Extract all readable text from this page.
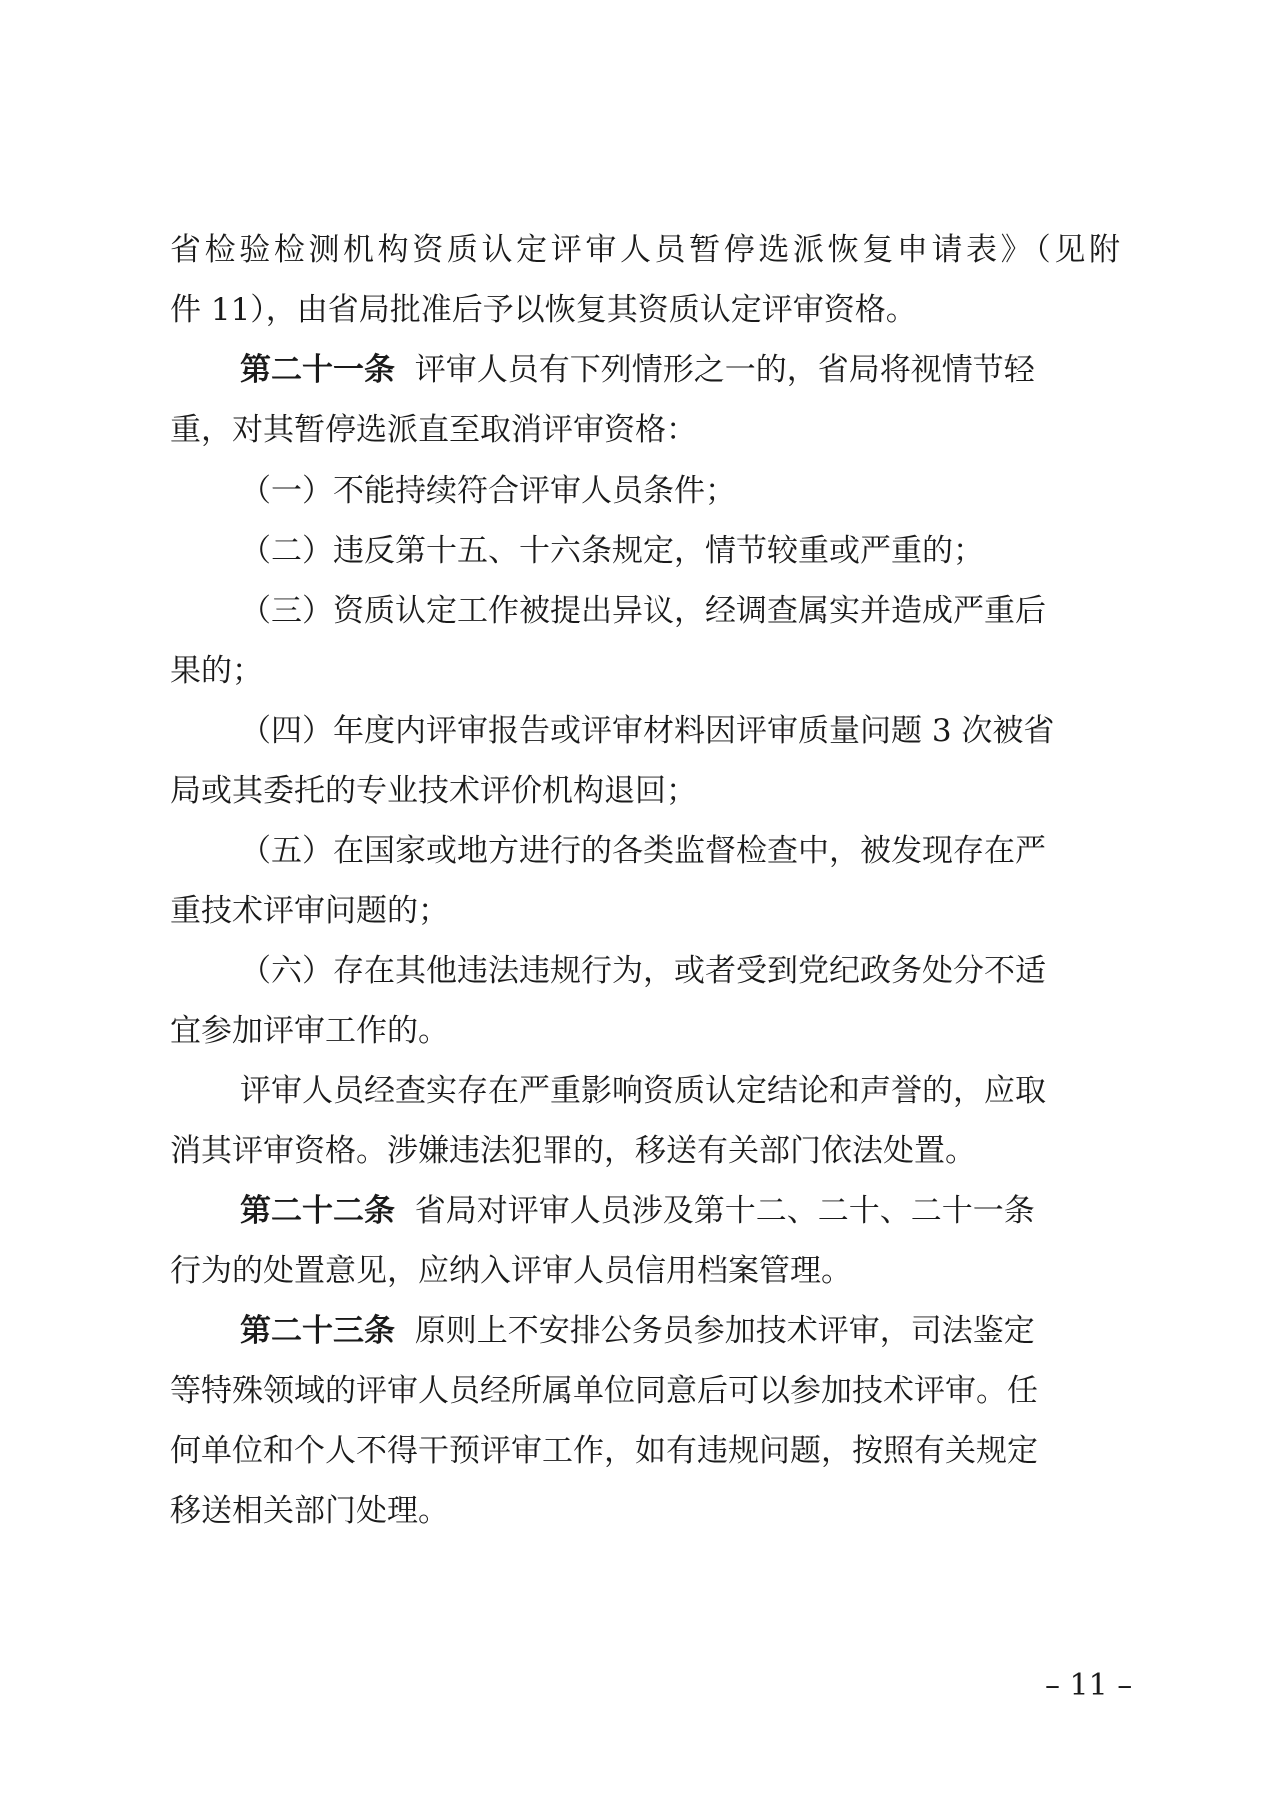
省检验检测机构资质认定评审人员暂停选派恢复申请表》（见附
件 11），由省局批准后予以恢复其资质认定评审资格。
第二十一条 评审人员有下列情形之一的，省局将视情节轻
重，对其暂停选派直至取消评审资格：
（一）不能持续符合评审人员条件；
（二）违反第十五、十六条规定，情节较重或严重的；
（三）资质认定工作被提出异议，经调查属实并造成严重后
果的；
（四）年度内评审报告或评审材料因评审质量问题 3 次被省
局或其委托的专业技术评价机构退回；
（五）在国家或地方进行的各类监督检查中，被发现存在严
重技术评审问题的；
（六）存在其他违法违规行为，或者受到党纪政务处分不适
宜参加评审工作的。
评审人员经查实存在严重影响资质认定结论和声誉的，应取
消其评审资格。涉嫌违法犯罪的，移送有关部门依法处置。
第二十二条 省局对评审人员涉及第十二、二十、二十一条
行为的处置意见，应纳入评审人员信用档案管理。
第二十三条 原则上不安排公务员参加技术评审，司法鉴定
等特殊领域的评审人员经所属单位同意后可以参加技术评审。任
何单位和个人不得干预评审工作，如有违规问题，按照有关规定
移送相关部门处理。
– 11 –
